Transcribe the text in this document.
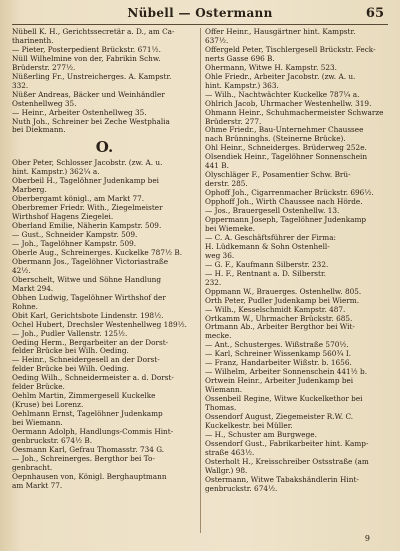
Nübell — Ostermann	65
Nübell K. H., Gerichtssecretär a. D., am Ca-
tharinenth.
— Pieter, Posterpedient Brückstr. 671½.
Nüll Wilhelmine von der, Fabrikin Schw.
Brüderstr. 277½.
Nüßerling Fr., Unstreicherges. A. Kampstr.
332.
Nüßer Andreas, Bäcker und Weinhändler
Ostenhellweg 35.
— Heinr., Arbeiter Ostenhellweg 35.
Nuth Joh., Schreiner bei Zeche Westphalia
bei Diekmann.
O.
Ober Peter, Schlosser Jacobstr. (zw. A. u.
hint. Kampstr.) 362¼ a.
Oberbeil H., Tagelöhner Judenkamp bei
Marberg.
Oberbergamt königl., am Markt 77.
Oberbremer Friedr. With., Ziegelmeister
Wirthshof Hagens Ziegelei.
Oberland Emilie, Näherin Kampstr. 509.
— Gust., Schneider Kampstr. 509.
— Joh., Tagelöhner Kampstr. 509.
Oberle Aug., Schreinerges. Kuckelke 787½ B.
Obermann Jos., Tagelöhner Victoriastraße
42½.
Oberschelt, Witwe und Söhne Handlung
Markt 294.
Obhen Ludwig, Tagelöhner Wirthshof der
Rohne.
Obit Karl, Gerichtsbote Lindenstr. 198½.
Ochel Hubert, Drechsler Westenhellweg 189½.
— Joh., Pudler Vallenstr. 125½.
Oeding Herm., Bergarbeiter an der Dorst-
felder Brücke bei Wilh. Oeding.
— Heinr., Schneidergesell an der Dorst-
felder Brücke bei Wilh. Oeding.
Oeding Wilh., Schneidermeister a. d. Dorst-
felder Brücke.
Oehlm Martin, Zimmergesell Kuckelke
(Kruse) bei Lorenz.
Oehlmann Ernst, Tagelöhner Judenkamp
bei Wiemann.
Oermann Adolph, Handlungs-Commis Hint-
genbruckstr. 674½ B.
Oesmann Karl, Gefrau Thomasstr. 734 G.
— Joh., Schreinerges. Bergthor bei To-
genbracht.
Oepnhausen von, Königl. Berghauptmann
am Markt 77.
Offer Heinr., Hausgärtner hint. Kampstr.
637½.
Offergeld Peter, Tischlergesell Brückstr. Feck-
nerts Gasse 696 B.
Ohermann, Witwe H. Kampstr. 523.
Ohle Friedr., Arbeiter Jacobstr. (zw. A. u.
hint. Kampstr.) 363.
— Wilh., Nachtwächter Kuckelke 787¼ a.
Ohlrich Jacob, Uhrmacher Westenhellw. 319.
Ohmann Heinr., Schuhmachermeister Schwarze
Brüderstr. 277.
Ohme Friedr., Bau-Unternehmer Chaussee
nach Brünninghs. (Steinerne Brücke).
Ohl Heinr., Schneiderges. Brüderweg 252e.
Olsendiek Heinr., Tagelöhner Sonnenschein
441 B.
Olyschläger F., Posamentier Schw. Brü-
derstr. 285.
Ophoff Joh., Cigarrenmacher Brückstr. 696½.
Opphoff Joh., Wirth Chaussee nach Hörde.
— Jos., Brauergesell Ostenhellw. 13.
Oppermann Joseph, Tagelöhner Judenkamp
bei Wiemeke.
— C. A. Geschäftsführer der Firma:
H. Lüdkemann & Sohn Ostenhell-
weg 36.
— G. F., Kaufmann Silberstr. 232.
— H. F., Rentnant a. D. Silberstr.
232.
Oppmann W., Brauerges. Ostenhellw. 805.
Orth Peter, Pudler Judenkamp bei Wierm.
— Wilh., Kesselschmidt Kampstr. 487.
Ortkamm W., Uhrmacher Brückstr. 685.
Ortmann Ab., Arbeiter Bergthor bei Wit-
mecke.
— Ant., Schusterges. Wißstraße 570½.
— Karl, Schreiner Wissenkamp 560¾ I.
— Franz, Handarbeiter Wißstr. b. 1656.
— Wilhelm, Arbeiter Sonnenschein 441½ b.
Ortwein Heinr., Arbeiter Judenkamp bei
Wiemann.
Ossenbeil Regine, Witwe Kuckelkethor bei
Thomas.
Ossendorf August, Ziegemeister R.W. C.
Kuckelkestr. bei Müller.
— H., Schuster am Burgwege.
Ossendorf Gust., Fabrikarbeiter hint. Kamp-
straße 463½.
Osterholt H., Kreisschreiber Ostsstraße (am
Wallgr.) 98.
Ostermann, Witwe Tabakshändlerin Hint-
genbruckstr. 674½.
9
